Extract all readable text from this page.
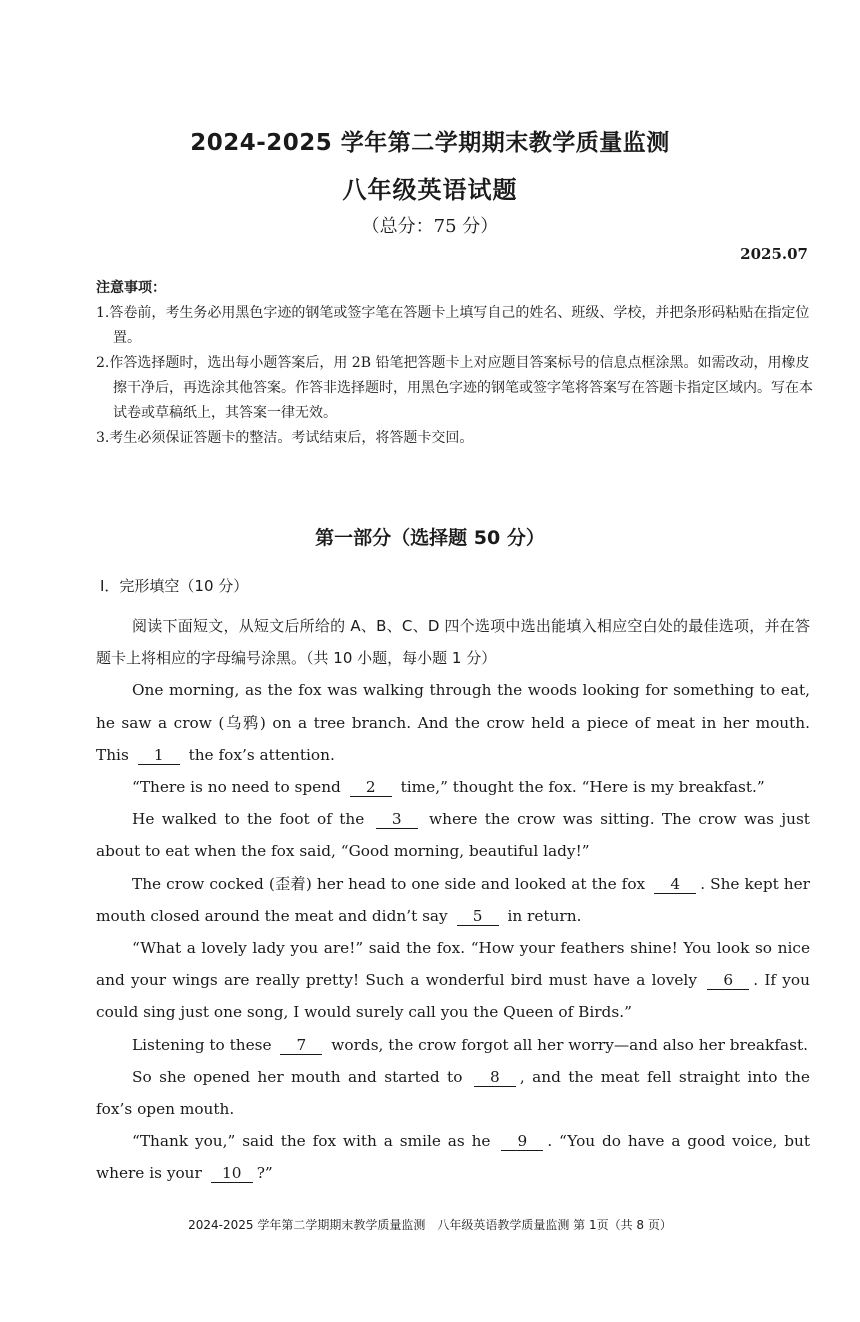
2024-2025 学年第二学期期末教学质量监测
八年级英语试题
（总分：75 分）
2025.07
注意事项：
1.答卷前，考生务必用黑色字迹的钢笔或签字笔在答题卡上填写自己的姓名、班级、学校，并把条形码粘贴在指定位置。
2.作答选择题时，选出每小题答案后，用 2B 铅笔把答题卡上对应题目答案标号的信息点框涂黑。如需改动，用橡皮擦干净后，再选涂其他答案。作答非选择题时，用黑色字迹的钢笔或签字笔将答案写在答题卡指定区域内。写在本试卷或草稿纸上，其答案一律无效。
3.考生必须保证答题卡的整洁。考试结束后，将答题卡交回。
第一部分（选择题 50 分）
Ⅰ．完形填空（10 分）

阅读下面短文，从短文后所给的 A、B、C、D 四个选项中选出能填入相应空白处的最佳选项，并在答题卡上将相应的字母编号涂黑。（共 10 小题，每小题 1 分）

One morning, as the fox was walking through the woods looking for something to eat, he saw a crow (乌鸦) on a tree branch. And the crow held a piece of meat in her mouth. This 1 the fox’s attention.

“There is no need to spend 2 time,” thought the fox. “Here is my breakfast.”

He walked to the foot of the 3 where the crow was sitting. The crow was just about to eat when the fox said, “Good morning, beautiful lady!”

The crow cocked (歪着) her head to one side and looked at the fox 4 . She kept her mouth closed around the meat and didn’t say 5 in return.

“What a lovely lady you are!” said the fox. “How your feathers shine! You look so nice and your wings are really pretty! Such a wonderful bird must have a lovely 6 . If you could sing just one song, I would surely call you the Queen of Birds.”

Listening to these 7 words, the crow forgot all her worry—and also her breakfast.

So she opened her mouth and started to 8 , and the meat fell straight into the fox’s open mouth.

“Thank you,” said the fox with a smile as he 9 . “You do have a good voice, but where is your 10 ?”

2024-2025 学年第二学期期末教学质量监测　八年级英语教学质量监测 第 1页（共 8 页）
